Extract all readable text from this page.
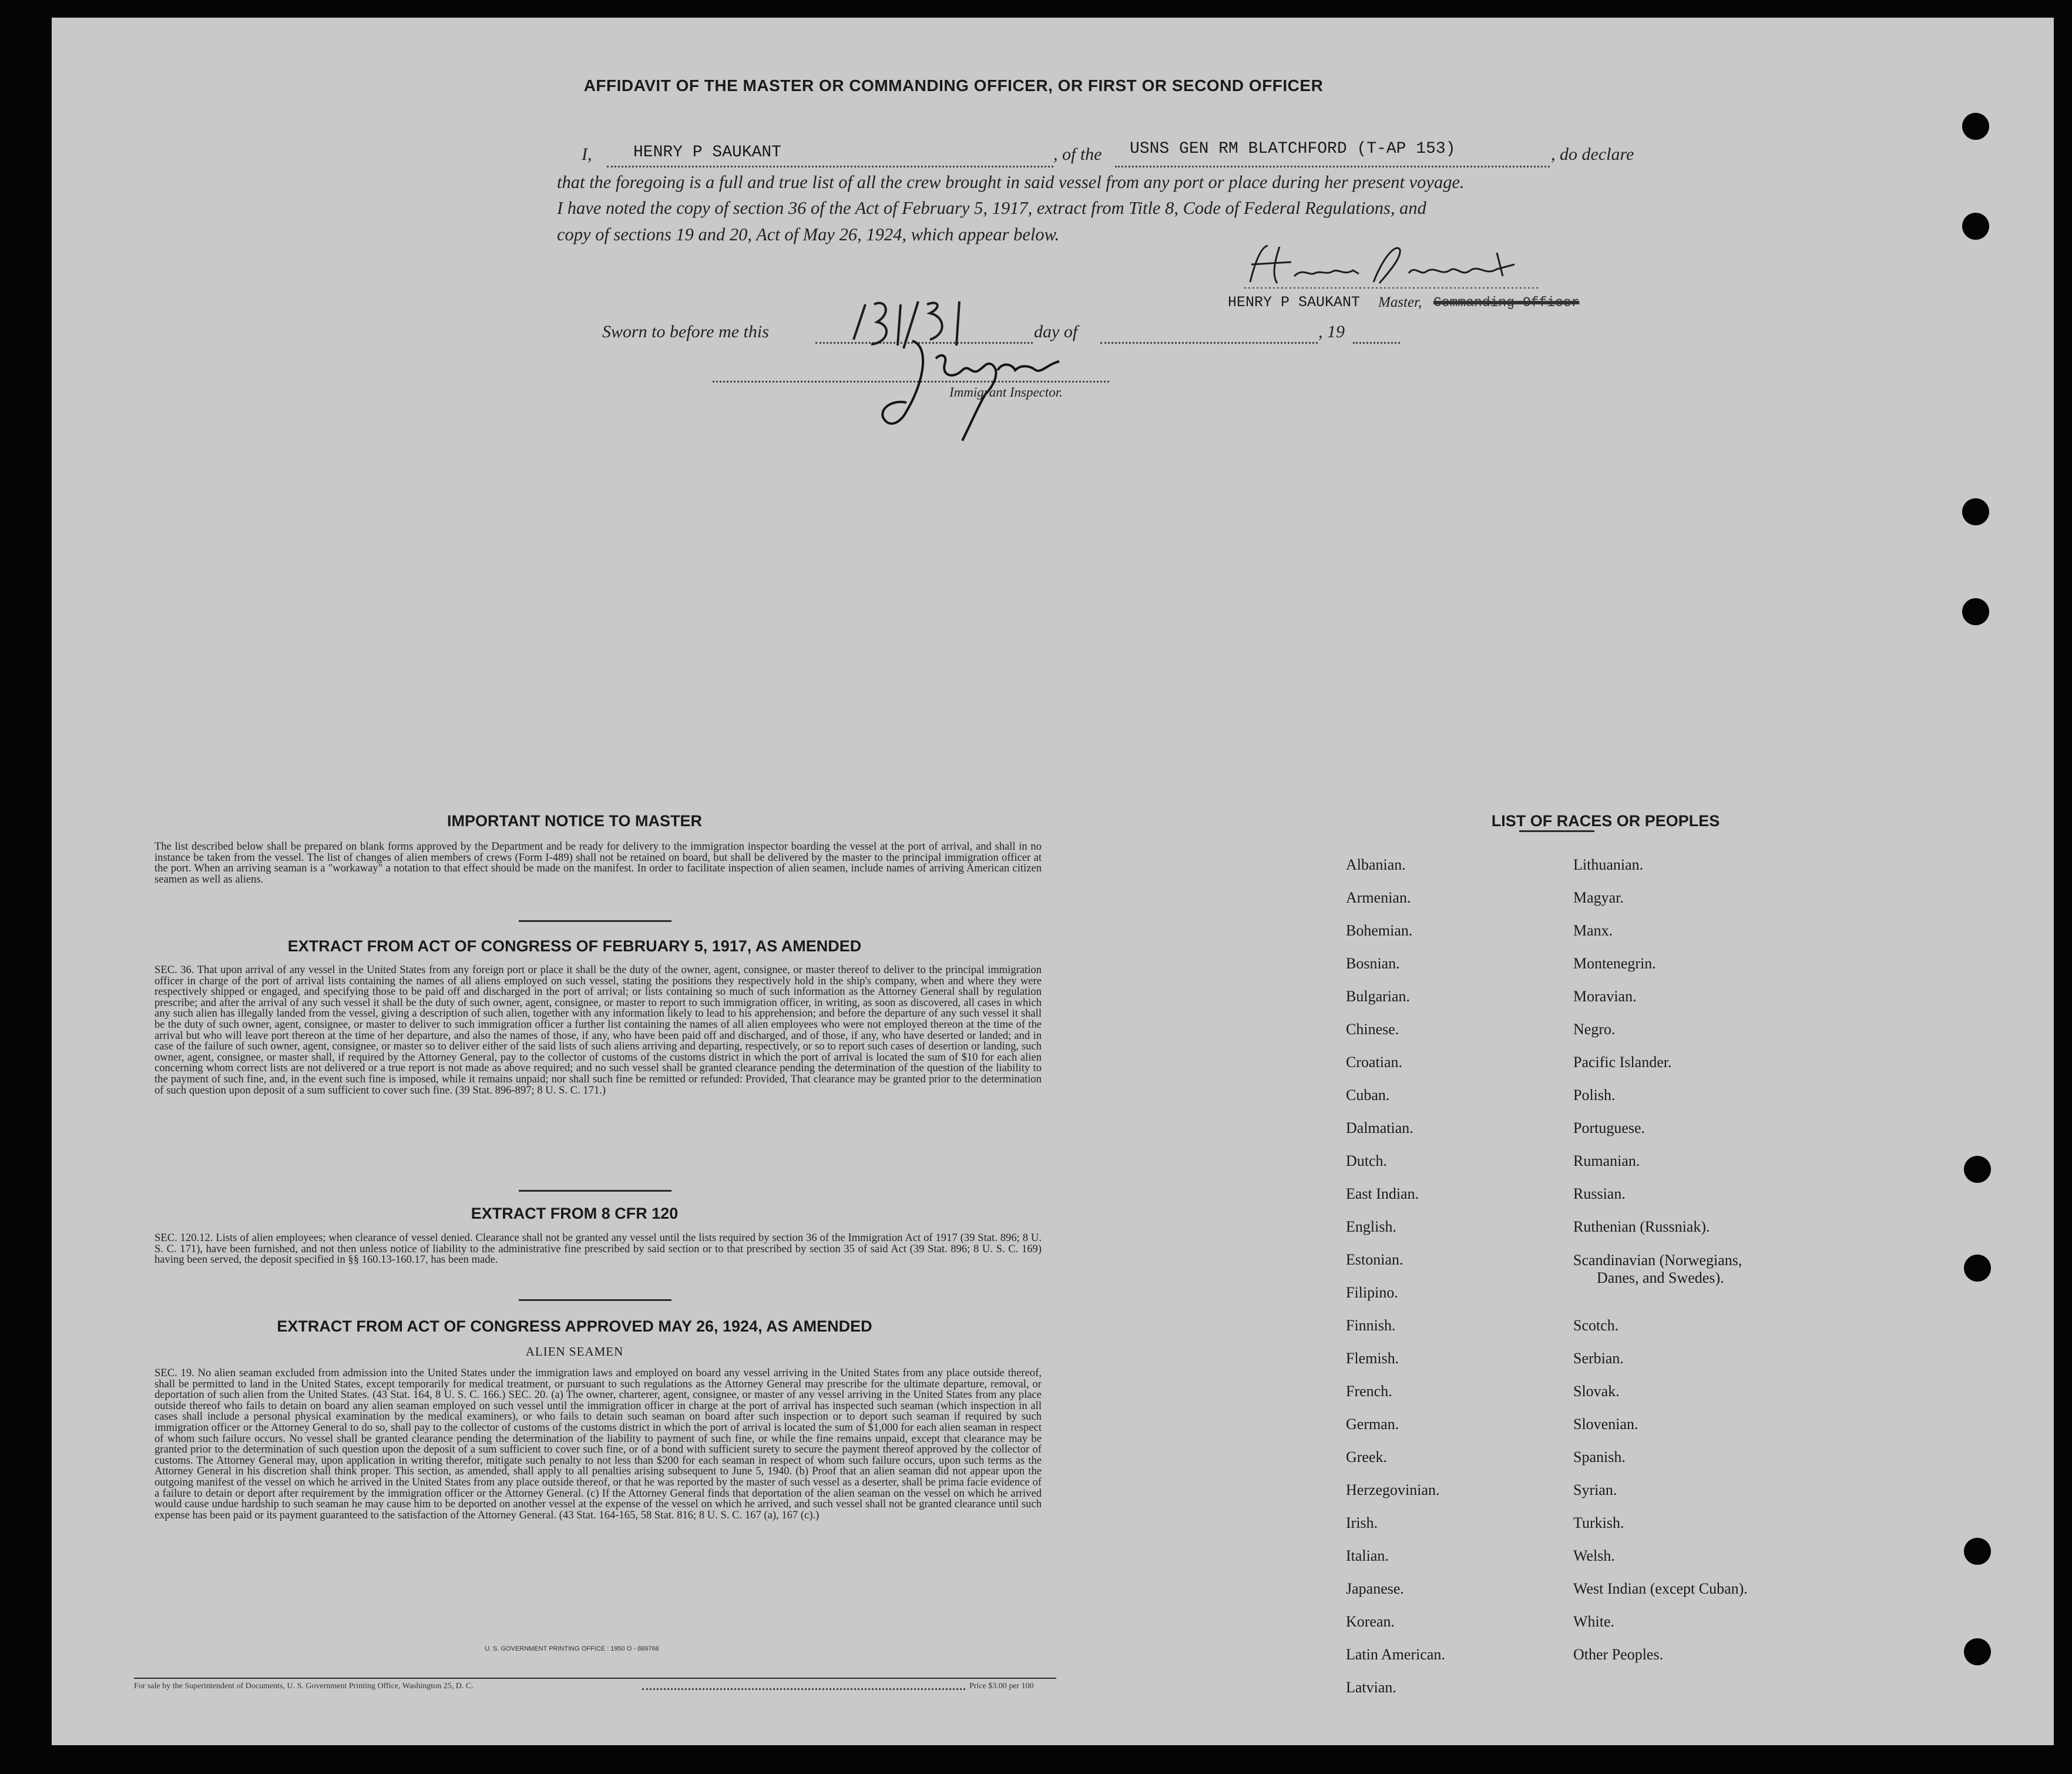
AFFIDAVIT OF THE MASTER OR COMMANDING OFFICER, OR FIRST OR SECOND OFFICER
I,	HENRY P SAUKANT	, of the USNS GEN RM BLATCHFORD (T-AP 153)	, do declare
that the foregoing is a full and true list of all the crew brought in said vessel from any port or place during her present voyage.
I have noted the copy of section 36 of the Act of February 5, 1917, extract from Title 8, Code of Federal Regulations, and
copy of sections 19 and 20, Act of May 26, 1924, which appear below.
HENRY P SAUKANT Master, Commanding Officer
Sworn to before me this	day of	, 19
Immigrant Inspector.
IMPORTANT NOTICE TO MASTER
The list described below shall be prepared on blank forms approved by the Department and be ready for delivery to the immigration inspector boarding the vessel at the port of arrival, and shall in no instance be taken from the vessel. The list of changes of alien members of crews (Form I-489) shall not be retained on board, but shall be delivered by the master to the principal immigration officer at the port. When an arriving seaman is a "workaway" a notation to that effect should be made on the manifest. In order to facilitate inspection of alien seamen, include names of arriving American citizen seamen as well as aliens.
EXTRACT FROM ACT OF CONGRESS OF FEBRUARY 5, 1917, AS AMENDED
SEC. 36. That upon arrival of any vessel in the United States from any foreign port or place it shall be the duty of the owner, agent, consignee, or master thereof to deliver to the principal immigration officer in charge of the port of arrival lists containing the names of all aliens employed on such vessel, stating the positions they respectively hold in the ship's company, when and where they were respectively shipped or engaged, and specifying those to be paid off and discharged in the port of arrival; or lists containing so much of such information as the Attorney General shall by regulation prescribe; and after the arrival of any such vessel it shall be the duty of such owner, agent, consignee, or master to report to such immigration officer, in writing, as soon as discovered, all cases in which any such alien has illegally landed from the vessel, giving a description of such alien, together with any information likely to lead to his apprehension; and before the departure of any such vessel it shall be the duty of such owner, agent, consignee, or master to deliver to such immigration officer a further list containing the names of all alien employees who were not employed thereon at the time of the arrival but who will leave port thereon at the time of her departure, and also the names of those, if any, who have been paid off and discharged, and of those, if any, who have deserted or landed; and in case of the failure of such owner, agent, consignee, or master so to deliver either of the said lists of such aliens arriving and departing, respectively, or so to report such cases of desertion or landing, such owner, agent, consignee, or master shall, if required by the Attorney General, pay to the collector of customs of the customs district in which the port of arrival is located the sum of $10 for each alien concerning whom correct lists are not delivered or a true report is not made as above required; and no such vessel shall be granted clearance pending the determination of the question of the liability to the payment of such fine, and, in the event such fine is imposed, while it remains unpaid; nor shall such fine be remitted or refunded: Provided, That clearance may be granted prior to the determination of such question upon deposit of a sum sufficient to cover such fine. (39 Stat. 896-897; 8 U. S. C. 171.)
EXTRACT FROM 8 CFR 120
SEC. 120.12. Lists of alien employees; when clearance of vessel denied. Clearance shall not be granted any vessel until the lists required by section 36 of the Immigration Act of 1917 (39 Stat. 896; 8 U. S. C. 171), have been furnished, and not then unless notice of liability to the administrative fine prescribed by said section or to that prescribed by section 35 of said Act (39 Stat. 896; 8 U. S. C. 169) having been served, the deposit specified in §§ 160.13-160.17, has been made.
EXTRACT FROM ACT OF CONGRESS APPROVED MAY 26, 1924, AS AMENDED
ALIEN SEAMEN
SEC. 19. No alien seaman excluded from admission into the United States under the immigration laws and employed on board any vessel arriving in the United States from any place outside thereof, shall be permitted to land in the United States, except temporarily for medical treatment, or pursuant to such regulations as the Attorney General may prescribe for the ultimate departure, removal, or deportation of such alien from the United States. (43 Stat. 164, 8 U. S. C. 166.) SEC. 20. (a) The owner, charterer, agent, consignee, or master of any vessel arriving in the United States from any place outside thereof who fails to detain on board any alien seaman employed on such vessel until the immigration officer in charge at the port of arrival has inspected such seaman (which inspection in all cases shall include a personal physical examination by the medical examiners), or who fails to detain such seaman on board after such inspection or to deport such seaman if required by such immigration officer or the Attorney General to do so, shall pay to the collector of customs of the customs district in which the port of arrival is located the sum of $1,000 for each alien seaman in respect of whom such failure occurs. No vessel shall be granted clearance pending the determination of the liability to payment of such fine, or while the fine remains unpaid, except that clearance may be granted prior to the determination of such question upon the deposit of a sum sufficient to cover such fine, or of a bond with sufficient surety to secure the payment thereof approved by the collector of customs. The Attorney General may, upon application in writing therefor, mitigate such penalty to not less than $200 for each seaman in respect of whom such failure occurs, upon such terms as the Attorney General in his discretion shall think proper. This section, as amended, shall apply to all penalties arising subsequent to June 5, 1940. (b) Proof that an alien seaman did not appear upon the outgoing manifest of the vessel on which he arrived in the United States from any place outside thereof, or that he was reported by the master of such vessel as a deserter, shall be prima facie evidence of a failure to detain or deport after requirement by the immigration officer or the Attorney General. (c) If the Attorney General finds that deportation of the alien seaman on the vessel on which he arrived would cause undue hardship to such seaman he may cause him to be deported on another vessel at the expense of the vessel on which he arrived, and such vessel shall not be granted clearance until such expense has been paid or its payment guaranteed to the satisfaction of the Attorney General. (43 Stat. 164-165, 58 Stat. 816; 8 U. S. C. 167 (a), 167 (c).)
U. S. GOVERNMENT PRINTING OFFICE : 1950 O - 869766
For sale by the Superintendent of Documents, U. S. Government Printing Office, Washington 25, D. C.	Price $3.00 per 100
LIST OF RACES OR PEOPLES
Albanian.
Armenian.
Bohemian.
Bosnian.
Bulgarian.
Chinese.
Croatian.
Cuban.
Dalmatian.
Dutch.
East Indian.
English.
Estonian.
Filipino.
Finnish.
Flemish.
French.
German.
Greek.
Herzegovinian.
Irish.
Italian.
Japanese.
Korean.
Latin American.
Latvian.
Lithuanian.
Magyar.
Manx.
Montenegrin.
Moravian.
Negro.
Pacific Islander.
Polish.
Portuguese.
Rumanian.
Russian.
Ruthenian (Russniak).
Scandinavian (Norwegians,
Danes, and Swedes).
Scotch.
Serbian.
Slovak.
Slovenian.
Spanish.
Syrian.
Turkish.
Welsh.
West Indian (except Cuban).
White.
Other Peoples.
